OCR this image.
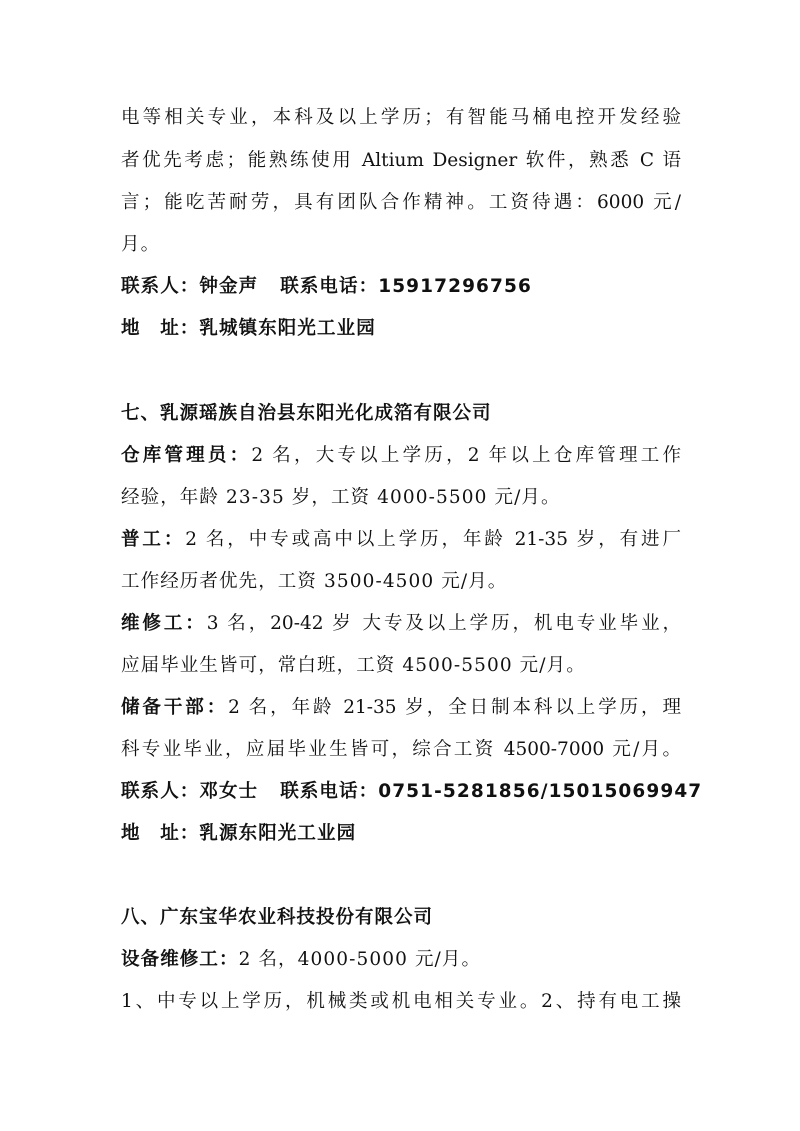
电等相关专业，本科及以上学历；有智能马桶电控开发经验
者优先考虑；能熟练使用 Altium Designer 软件，熟悉 C 语
言；能吃苦耐劳，具有团队合作精神。工资待遇：6000 元/
月。
联系人：钟金声 联系电话：15917296756
地　址：乳城镇东阳光工业园
七、乳源瑶族自治县东阳光化成箔有限公司
仓库管理员：2 名，大专以上学历，2 年以上仓库管理工作
经验，年龄 23-35 岁，工资 4000-5500 元/月。
普工：2 名，中专或高中以上学历，年龄 21-35 岁，有进厂
工作经历者优先，工资 3500-4500 元/月。
维修工：3 名，20-42 岁 大专及以上学历，机电专业毕业，
应届毕业生皆可，常白班，工资 4500-5500 元/月。
储备干部：2 名，年龄 21-35 岁，全日制本科以上学历，理
科专业毕业，应届毕业生皆可，综合工资 4500-7000 元/月。
联系人：邓女士 联系电话：0751-5281856/15015069947
地　址：乳源东阳光工业园
八、广东宝华农业科技投份有限公司
设备维修工：2 名，4000-5000 元/月。
1、中专以上学历，机械类或机电相关专业。2、持有电工操
